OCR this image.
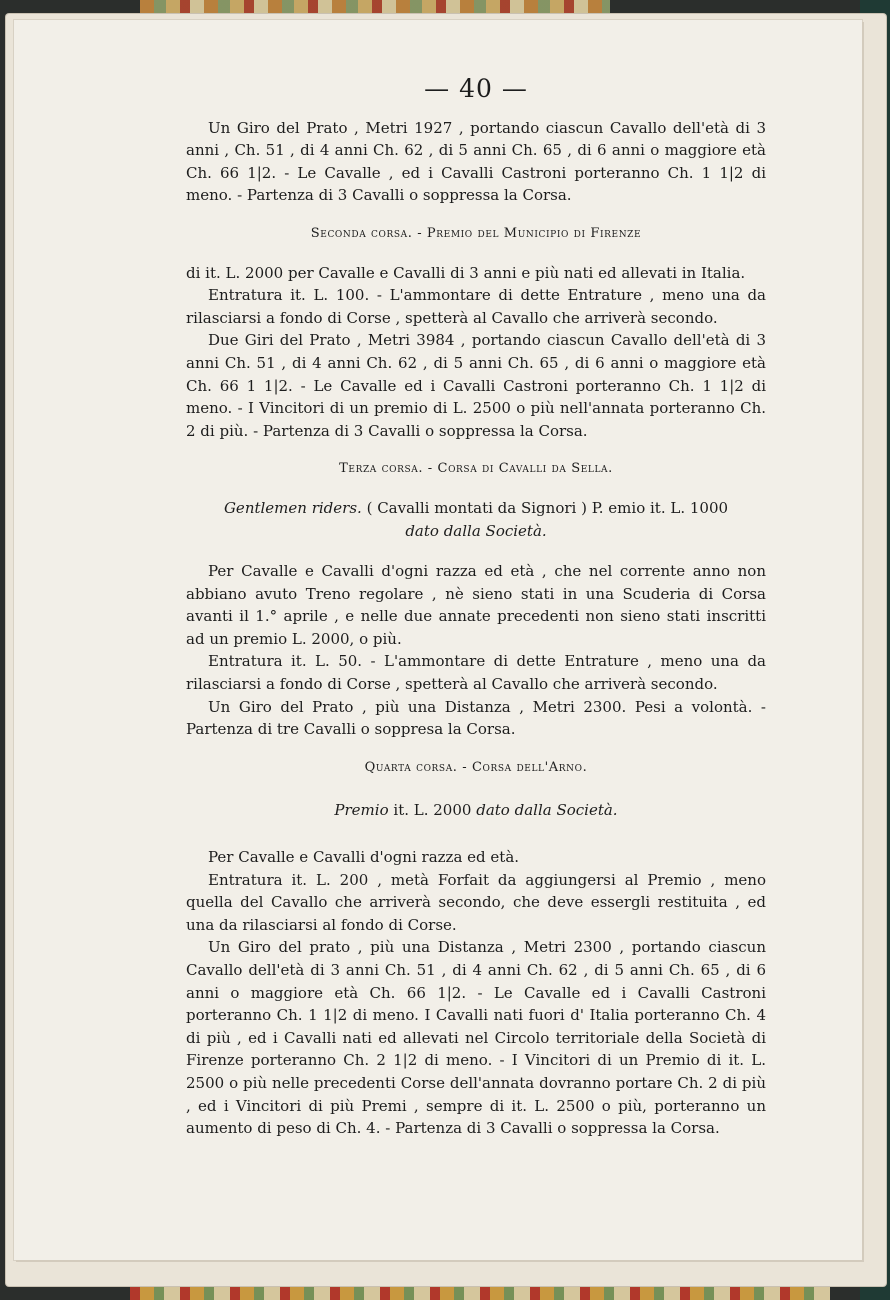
— 40 —

Un Giro del Prato , Metri 1927 , portando ciascun Cavallo dell'età di 3 anni , Ch. 51 , di 4 anni Ch. 62 , di 5 anni Ch. 65 , di 6 anni o maggiore età Ch. 66 1|2. - Le Cavalle , ed i Cavalli Castroni porteranno Ch. 1 1|2 di meno. - Partenza di 3 Cavalli o soppressa la Corsa.

Seconda corsa. - Premio del Municipio di Firenze

di it. L. 2000 per Cavalle e Cavalli di 3 anni e più nati ed allevati in Italia.

Entratura it. L. 100. - L'ammontare di dette Entrature , meno una da rilasciarsi a fondo di Corse , spetterà al Cavallo che arriverà secondo.

Due Giri del Prato , Metri 3984 , portando ciascun Cavallo dell'età di 3 anni Ch. 51 , di 4 anni Ch. 62 , di 5 anni Ch. 65 , di 6 anni o maggiore età Ch. 66 1 1|2. - Le Cavalle ed i Cavalli Castroni porteranno Ch. 1 1|2 di meno. - I Vincitori di un premio di L. 2500 o più nell'annata porteranno Ch. 2 di più. - Partenza di 3 Cavalli o soppressa la Corsa.

Terza corsa. - Corsa di Cavalli da Sella.

Gentlemen riders. ( Cavalli montati da Signori ) P. emio it. L. 1000

dato dalla Società.

Per Cavalle e Cavalli d'ogni razza ed età , che nel corrente anno non abbiano avuto Treno regolare , nè sieno stati in una Scuderia di Corsa avanti il 1.° aprile , e nelle due annate precedenti non sieno stati inscritti ad un premio L. 2000, o più.

Entratura it. L. 50. - L'ammontare di dette Entrature , meno una da rilasciarsi a fondo di Corse , spetterà al Cavallo che arriverà secondo.

Un Giro del Prato , più una Distanza , Metri 2300. Pesi a volontà. - Partenza di tre Cavalli o soppresa la Corsa.

Quarta corsa. - Corsa dell'Arno.
Premio it. L. 2000 dato dalla Società.

Per Cavalle e Cavalli d'ogni razza ed età.

Entratura it. L. 200 , metà Forfait da aggiungersi al Premio , meno quella del Cavallo che arriverà secondo, che deve essergli restituita , ed una da rilasciarsi al fondo di Corse.

Un Giro del prato , più una Distanza , Metri 2300 , portando ciascun Cavallo dell'età di 3 anni Ch. 51 , di 4 anni Ch. 62 , di 5 anni Ch. 65 , di 6 anni o maggiore età Ch. 66 1|2. - Le Cavalle ed i Cavalli Castroni porteranno Ch. 1 1|2 di meno. I Cavalli nati fuori d' Italia porteranno Ch. 4 di più , ed i Cavalli nati ed allevati nel Circolo territoriale della Società di Firenze porteranno Ch. 2 1|2 di meno. - I Vincitori di un Premio di it. L. 2500 o più nelle precedenti Corse dell'annata dovranno portare Ch. 2 di più , ed i Vincitori di più Premi , sempre di it. L. 2500 o più, porteranno un aumento di peso di Ch. 4. - Partenza di 3 Cavalli o soppressa la Corsa.
